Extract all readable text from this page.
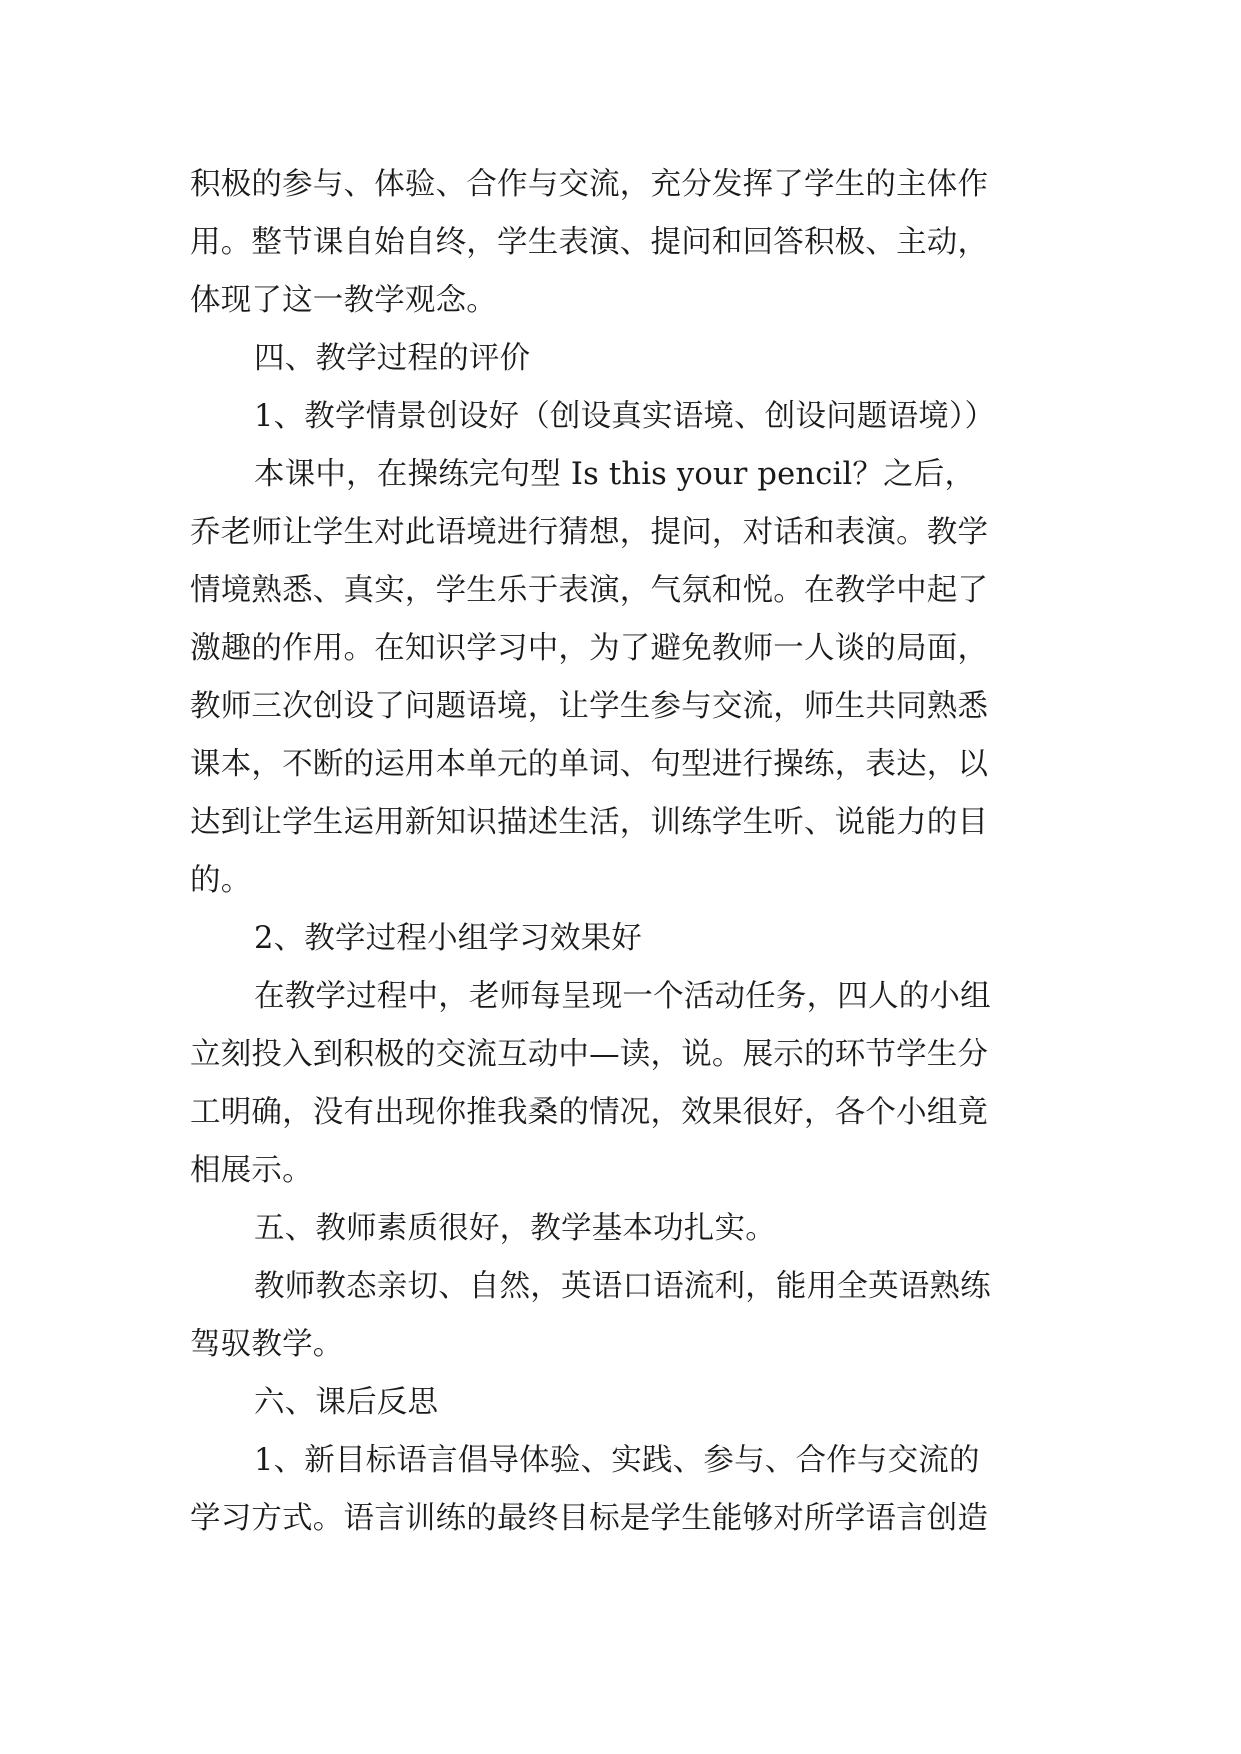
积极的参与、体验、合作与交流，充分发挥了学生的主体作
用。整节课自始自终，学生表演、提问和回答积极、主动，
体现了这一教学观念。
四、教学过程的评价
1、教学情景创设好（创设真实语境、创设问题语境））
本课中，在操练完句型 Is this your pencil？之后，
乔老师让学生对此语境进行猜想，提问，对话和表演。教学
情境熟悉、真实，学生乐于表演，气氛和悦。在教学中起了
激趣的作用。在知识学习中，为了避免教师一人谈的局面，
教师三次创设了问题语境，让学生参与交流，师生共同熟悉
课本，不断的运用本单元的单词、句型进行操练，表达，以
达到让学生运用新知识描述生活，训练学生听、说能力的目
的。
2、教学过程小组学习效果好
在教学过程中，老师每呈现一个活动任务，四人的小组
立刻投入到积极的交流互动中—读，说。展示的环节学生分
工明确，没有出现你推我桑的情况，效果很好，各个小组竟
相展示。
五、教师素质很好，教学基本功扎实。
教师教态亲切、自然，英语口语流利，能用全英语熟练
驾驭教学。
六、课后反思
1、新目标语言倡导体验、实践、参与、合作与交流的
学习方式。语言训练的最终目标是学生能够对所学语言创造
